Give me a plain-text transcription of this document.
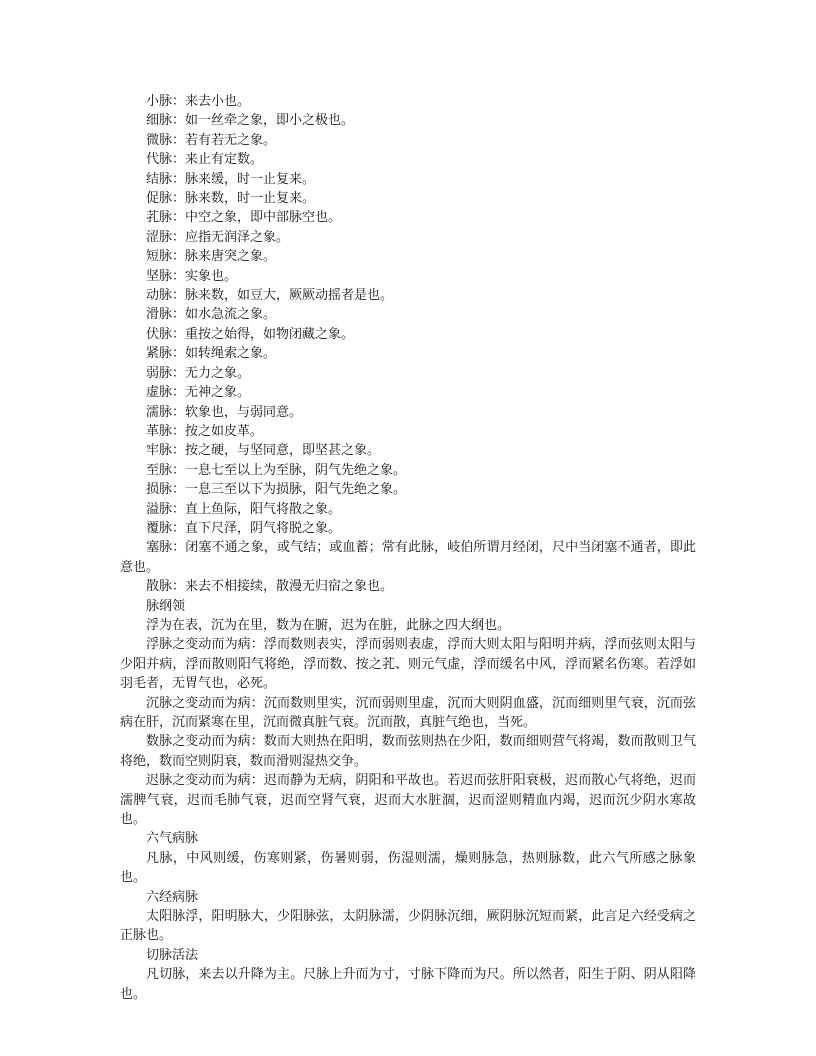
小脉：来去小也。

细脉：如一丝牵之象，即小之极也。

微脉：若有若无之象。

代脉：来止有定数。

结脉：脉来缓，时一止复来。

促脉：脉来数，时一止复来。

芤脉：中空之象，即中部脉空也。

涩脉：应指无润泽之象。

短脉：脉来唐突之象。

坚脉：实象也。

动脉：脉来数，如豆大，厥厥动摇者是也。

滑脉：如水急流之象。

伏脉：重按之始得，如物闭藏之象。

紧脉：如转绳索之象。

弱脉：无力之象。

虚脉：无神之象。

濡脉：软象也，与弱同意。

革脉：按之如皮革。

牢脉：按之硬，与坚同意，即坚甚之象。

至脉：一息七至以上为至脉，阴气先绝之象。

损脉：一息三至以下为损脉，阳气先绝之象。

溢脉：直上鱼际，阳气将散之象。

覆脉：直下尺泽，阴气将脱之象。

塞脉：闭塞不通之象，或气结；或血蓄；常有此脉，岐伯所谓月经闭，尺中当闭塞不通者，即此意也。

散脉：来去不相接续，散漫无归宿之象也。

脉纲领

浮为在表，沉为在里，数为在腑，迟为在脏，此脉之四大纲也。

浮脉之变动而为病：浮而数则表实，浮而弱则表虚，浮而大则太阳与阳明并病，浮而弦则太阳与少阳并病，浮而散则阳气将绝，浮而数、按之芤、则元气虚，浮而缓名中风，浮而紧名伤寒。若浮如羽毛者，无胃气也，必死。

沉脉之变动而为病：沉而数则里实，沉而弱则里虚，沉而大则阴血盛，沉而细则里气衰，沉而弦病在肝，沉而紧寒在里，沉而微真脏气衰。沉而散，真脏气绝也，当死。

数脉之变动而为病：数而大则热在阳明，数而弦则热在少阳，数而细则营气将竭，数而散则卫气将绝，数而空则阴衰，数而滑则湿热交争。

迟脉之变动而为病：迟而静为无病，阴阳和平故也。若迟而弦肝阳衰极，迟而散心气将绝，迟而濡脾气衰，迟而毛肺气衰，迟而空肾气衰，迟而大水脏涸，迟而涩则精血内竭，迟而沉少阴水寒故也。

六气病脉

凡脉，中风则缓，伤寒则紧，伤暑则弱，伤湿则濡，燥则脉急，热则脉数，此六气所感之脉象也。

六经病脉

太阳脉浮，阳明脉大，少阳脉弦，太阴脉濡，少阴脉沉细，厥阴脉沉短而紧，此言足六经受病之正脉也。

切脉活法

凡切脉，来去以升降为主。尺脉上升而为寸，寸脉下降而为尺。所以然者，阳生于阴、阴从阳降也。
